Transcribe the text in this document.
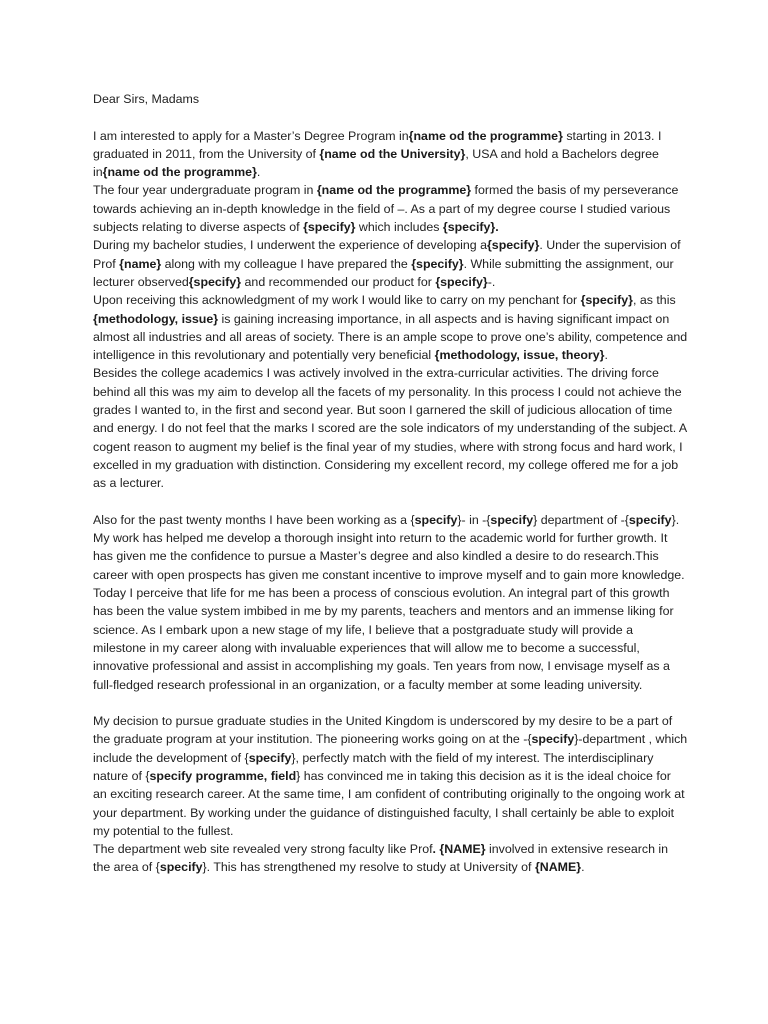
Dear Sirs, Madams

I am interested to apply for a Master’s Degree Program in{name od the programme} starting in 2013. I graduated in 2011, from the University of {name od the University}, USA and hold a Bachelors degree in{name od the programme}.

The four year undergraduate program in {name od the programme} formed the basis of my perseverance towards achieving an in-depth knowledge in the field of –. As a part of my degree course I studied various subjects relating to diverse aspects of {specify} which includes {specify}.

During my bachelor studies, I underwent the experience of developing a{specify}. Under the supervision of Prof {name} along with my colleague I have prepared the {specify}. While submitting the assignment, our lecturer observed{specify} and recommended our product for {specify}-.

Upon receiving this acknowledgment of my work I would like to carry on my penchant for {specify}, as this {methodology, issue} is gaining increasing importance, in all aspects and is having significant impact on almost all industries and all areas of society. There is an ample scope to prove one’s ability, competence and intelligence in this revolutionary and potentially very beneficial {methodology, issue, theory}.

Besides the college academics I was actively involved in the extra-curricular activities. The driving force behind all this was my aim to develop all the facets of my personality. In this process I could not achieve the grades I wanted to, in the first and second year. But soon I garnered the skill of judicious allocation of time and energy. I do not feel that the marks I scored are the sole indicators of my understanding of the subject. A cogent reason to augment my belief is the final year of my studies, where with strong focus and hard work, I excelled in my graduation with distinction. Considering my excellent record, my college offered me for a job as a lecturer.

Also for the past twenty months I have been working as a {specify}- in -{specify} department of -{specify}. My work has helped me develop a thorough insight into return to the academic world for further growth. It has given me the confidence to pursue a Master’s degree and also kindled a desire to do research.This career with open prospects has given me constant incentive to improve myself and to gain more knowledge.

Today I perceive that life for me has been a process of conscious evolution. An integral part of this growth has been the value system imbibed in me by my parents, teachers and mentors and an immense liking for science. As I embark upon a new stage of my life, I believe that a postgraduate study will provide a milestone in my career along with invaluable experiences that will allow me to become a successful, innovative professional and assist in accomplishing my goals. Ten years from now, I envisage myself as a full-fledged research professional in an organization, or a faculty member at some leading university.

My decision to pursue graduate studies in the United Kingdom is underscored by my desire to be a part of the graduate program at your institution. The pioneering works going on at the -{specify}-department , which include the development of {specify}, perfectly match with the field of my interest. The interdisciplinary nature of {specify programme, field} has convinced me in taking this decision as it is the ideal choice for an exciting research career. At the same time, I am confident of contributing originally to the ongoing work at your department. By working under the guidance of distinguished faculty, I shall certainly be able to exploit my potential to the fullest.

The department web site revealed very strong faculty like Prof. {NAME} involved in extensive research in the area of {specify}. This has strengthened my resolve to study at University of {NAME}.
